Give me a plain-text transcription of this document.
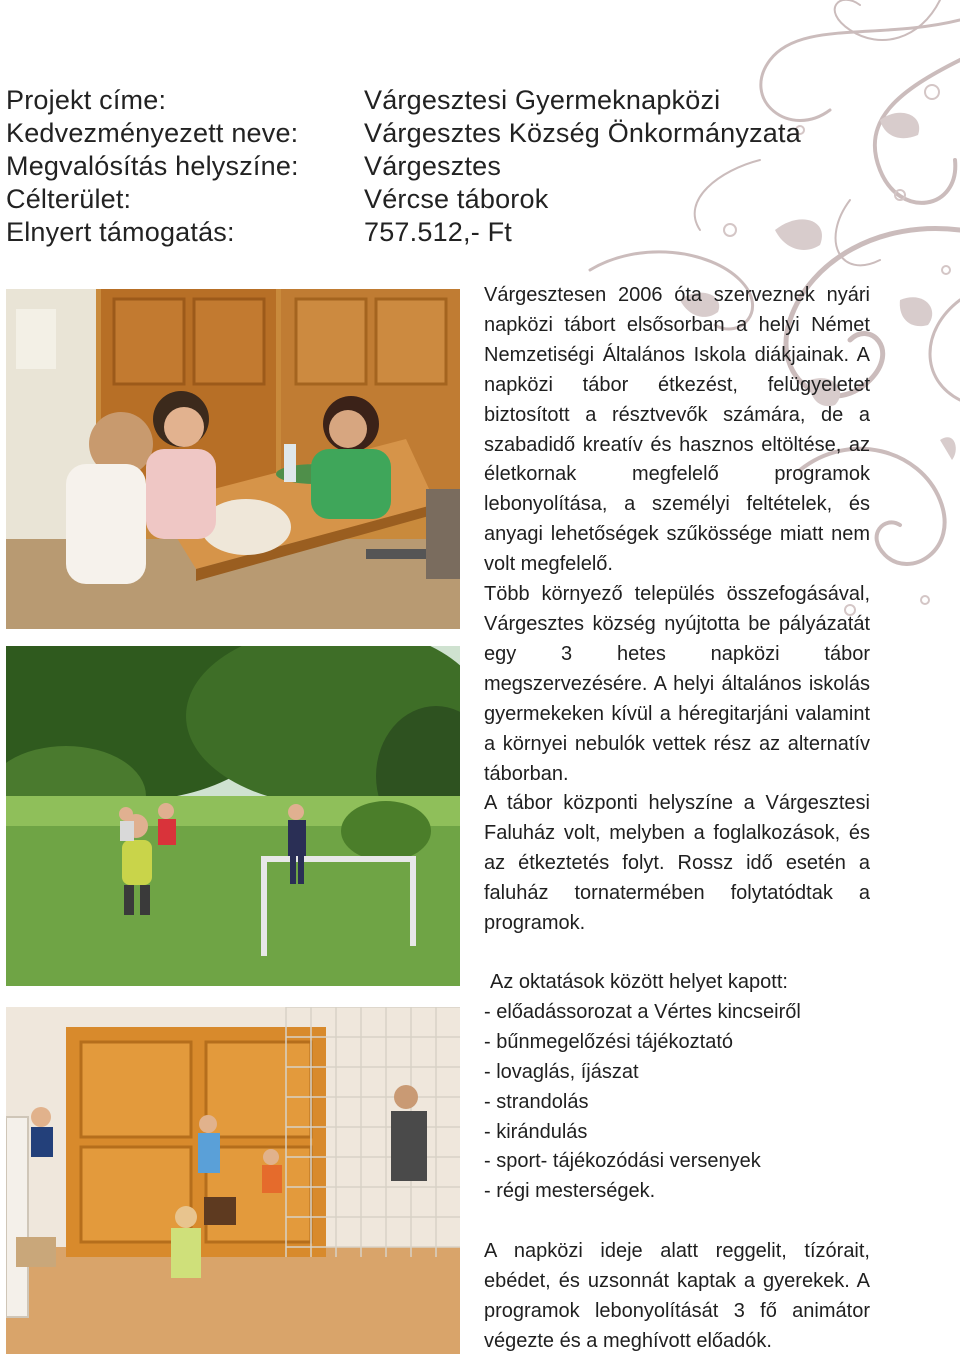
Projekt címe:	Várgesztesi Gyermeknapközi
Kedvezményezett neve:	Várgesztes Község Önkormányzata
Megvalósítás helyszíne:	Várgesztes
Célterület:	Vércse táborok
Elnyert támogatás:	757.512,- Ft

Várgesztesen 2006 óta szerveznek nyári napközi tábort elsősorban a helyi Német Nemzetiségi Általános Iskola diákjainak. A napközi tábor étkezést, felügyeletet biztosított a résztvevők számára, de a szabadidő kreatív és hasznos eltöltése, az életkornak megfelelő programok lebonyolítása, a személyi feltételek, és anyagi lehetőségek szűkössége miatt nem volt megfelelő.

Több környező település összefogásával, Várgesztes község nyújtotta be pályázatát egy 3 hetes napközi tábor megszervezésére. A helyi általános iskolás gyermekeken kívül a héregitarjáni valamint a környei nebulók vettek rész az alternatív táborban.

A tábor központi helyszíne a Várgesztesi Faluház volt, melyben a foglalkozások, és az étkeztetés folyt. Rossz idő esetén a faluház tornatermében folytatódtak a programok.

Az oktatások között helyet kapott:
- előadássorozat a Vértes kincseiről
- bűnmegelőzési tájékoztató
- lovaglás, íjászat
- strandolás
- kirándulás
- sport- tájékozódási versenyek
- régi mesterségek.

A napközi ideje alatt reggelit, tízórait, ebédet, és uzsonnát kaptak a gyerekek. A programok lebonyolítását 3 fő animátor végezte és a meghívott előadók.
